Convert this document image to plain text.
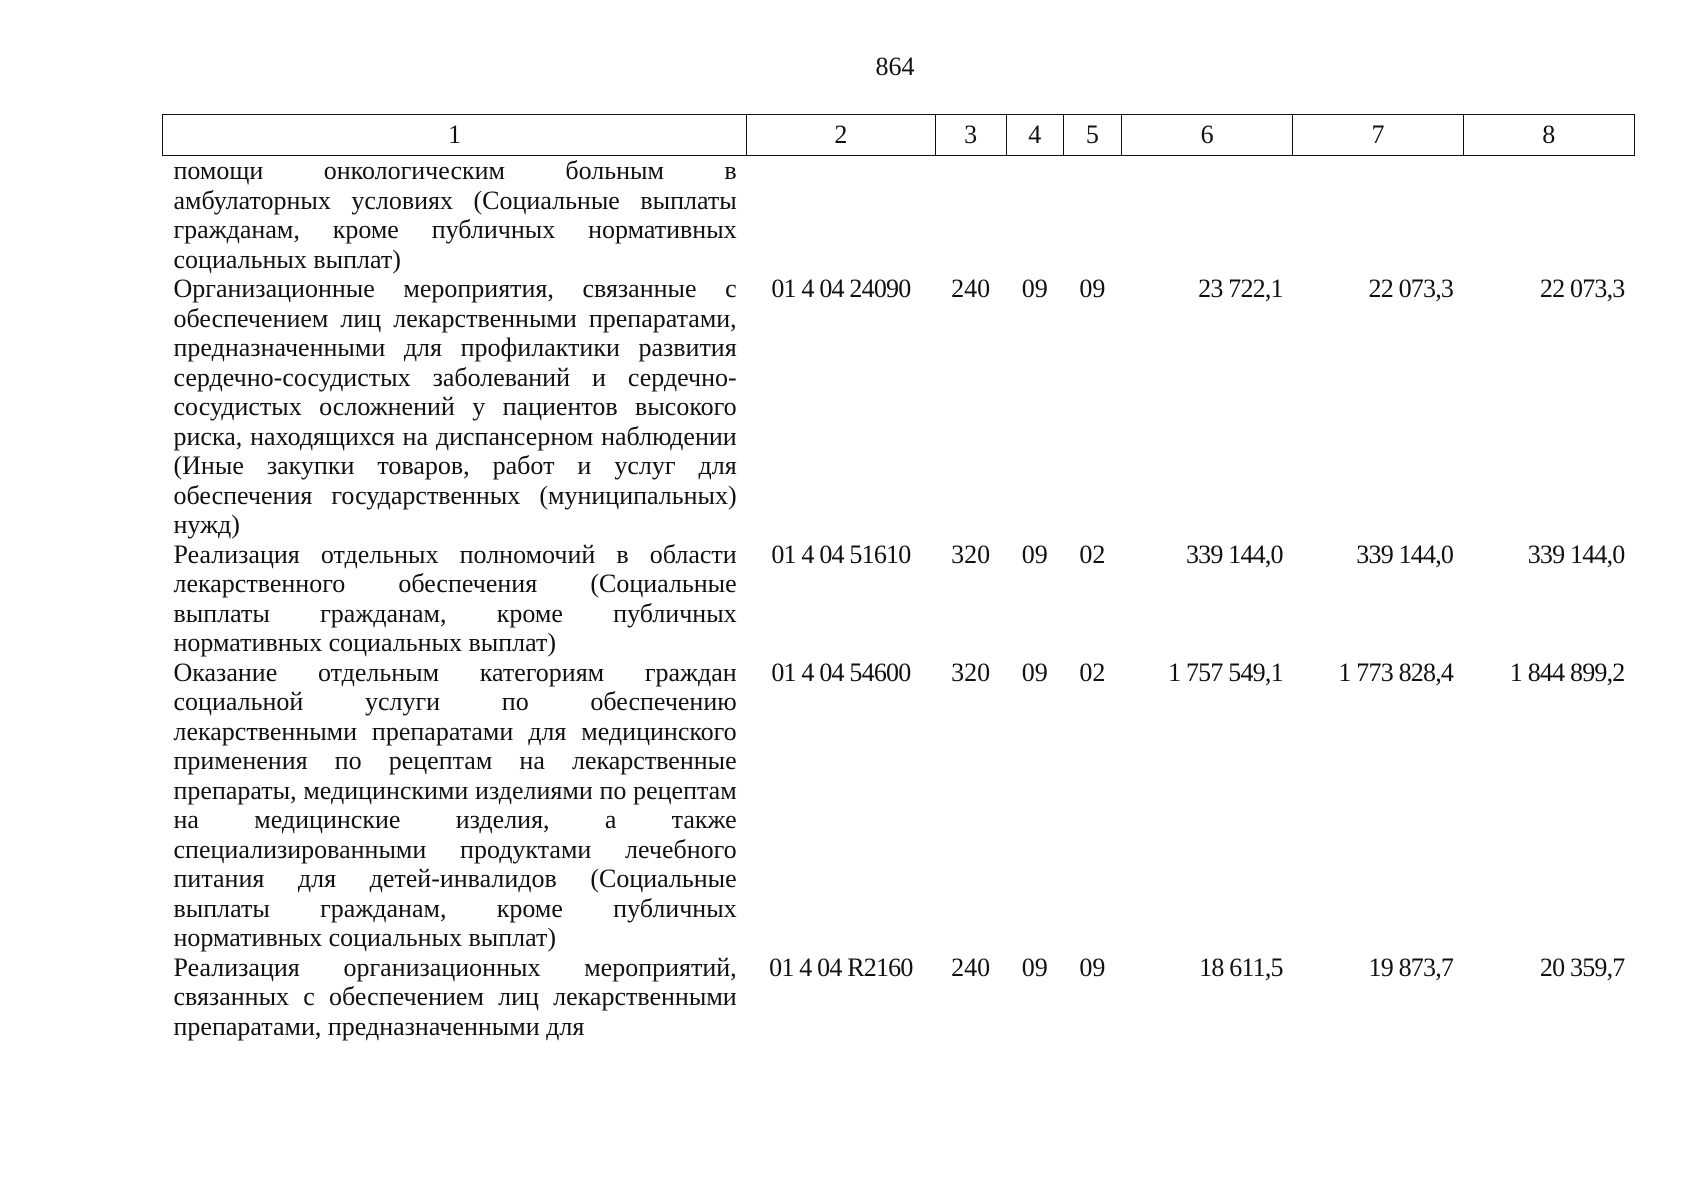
864
1	2	3	4	5	6	7	8
помощи онкологическим больным в амбулаторных условиях (Социальные выплаты гражданам, кроме публичных нормативных социальных выплат)							
Организационные мероприятия, связанные с обеспечением лиц лекарственными препаратами, предназначенными для профилактики развития сердечно-сосудистых заболеваний и сердечно-сосудистых осложнений у пациентов высокого риска, находящихся на диспансерном наблюдении (Иные закупки товаров, работ и услуг для обеспечения государственных (муниципальных) нужд)	01 4 04 24090	240	09	09	23 722,1	22 073,3	22 073,3
Реализация отдельных полномочий в области лекарственного обеспечения (Социальные выплаты гражданам, кроме публичных нормативных социальных выплат)	01 4 04 51610	320	09	02	339 144,0	339 144,0	339 144,0
Оказание отдельным категориям граждан социальной услуги по обеспечению лекарственными препаратами для медицинского применения по рецептам на лекарственные препараты, медицинскими изделиями по рецептам на медицинские изделия, а также специализированными продуктами лечебного питания для детей-инвалидов (Социальные выплаты гражданам, кроме публичных нормативных социальных выплат)	01 4 04 54600	320	09	02	1 757 549,1	1 773 828,4	1 844 899,2
Реализация организационных мероприятий, связанных с обеспечением лиц лекарственными препаратами, предназначенными для	01 4 04 R2160	240	09	09	18 611,5	19 873,7	20 359,7
